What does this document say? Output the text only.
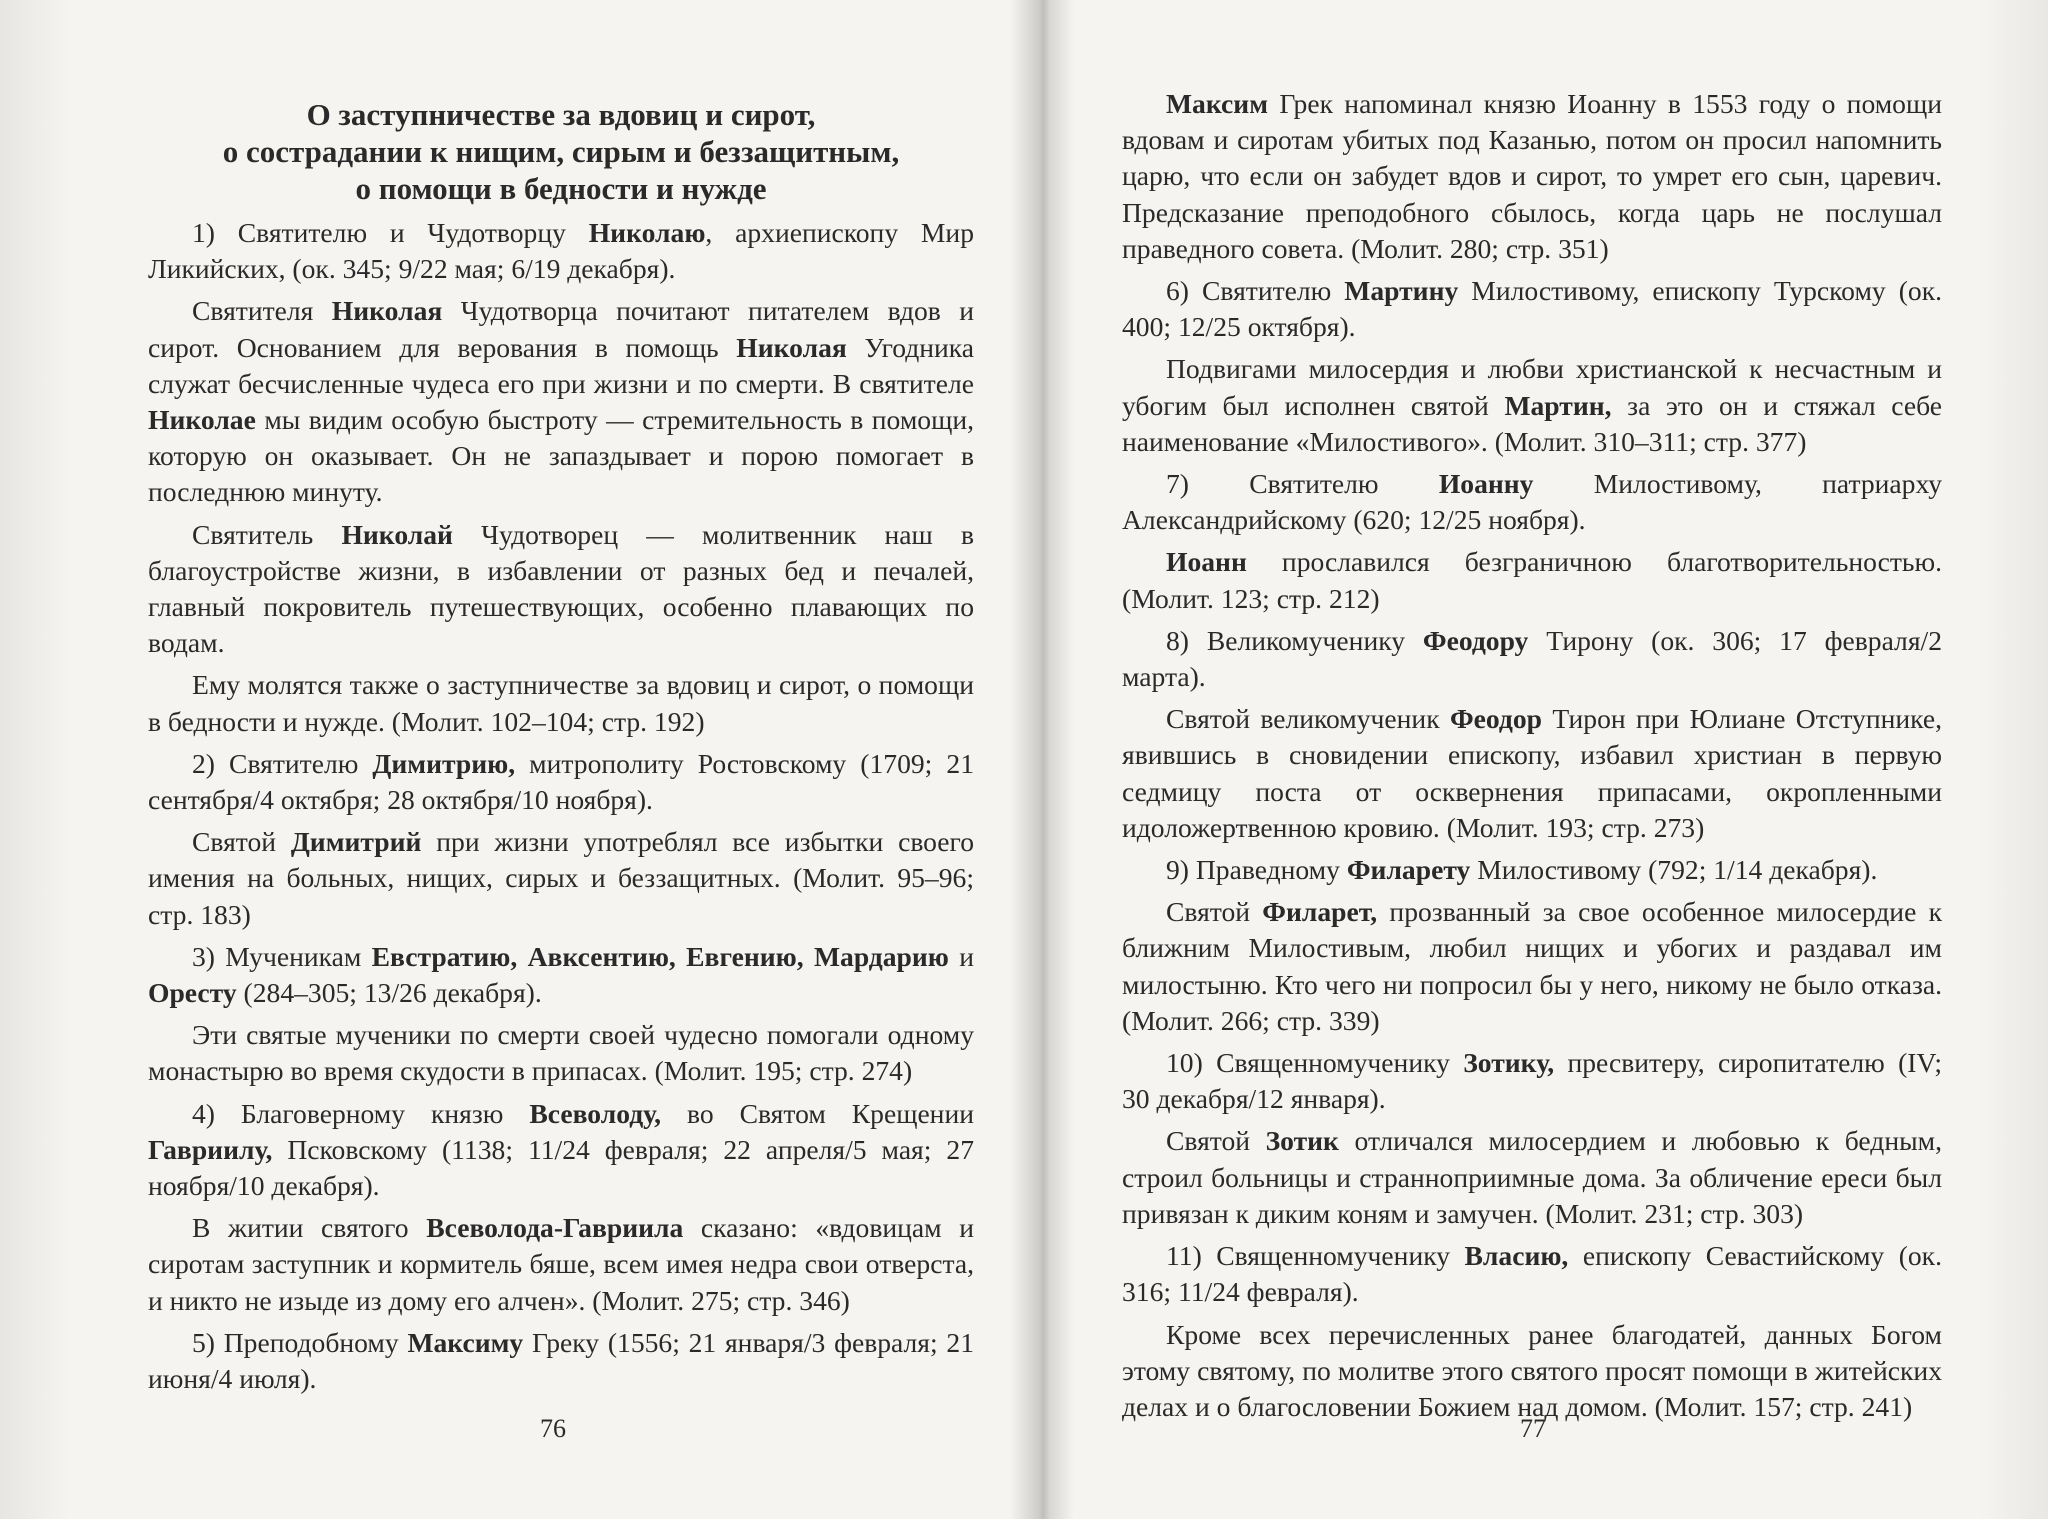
О заступничестве за вдовиц и сирот,
о сострадании к нищим, сирым и беззащитным,
о помощи в бедности и нужде

1) Святителю и Чудотворцу Николаю, архиепископу Мир Ликийских, (ок. 345; 9/22 мая; 6/19 декабря).

Святителя Николая Чудотворца почитают питателем вдов и сирот. Основанием для верования в помощь Николая Угодника служат бесчисленные чудеса его при жизни и по смерти. В святителе Николае мы видим особую быстроту — стремительность в помощи, которую он оказывает. Он не запаздывает и порою помогает в последнюю минуту.

Святитель Николай Чудотворец — молитвенник наш в благоустройстве жизни, в избавлении от разных бед и печалей, главный покровитель путешествующих, особенно плавающих по водам.

Ему молятся также о заступничестве за вдовиц и сирот, о помощи в бедности и нужде. (Молит. 102–104; стр. 192)

2) Святителю Димитрию, митрополиту Ростовскому (1709; 21 сентября/4 октября; 28 октября/10 ноября).

Святой Димитрий при жизни употреблял все избытки своего имения на больных, нищих, сирых и беззащитных. (Молит. 95–96; стр. 183)

3) Мученикам Евстратию, Авксентию, Евгению, Мардарию и Оресту (284–305; 13/26 декабря).

Эти святые мученики по смерти своей чудесно помогали одному монастырю во время скудости в припасах. (Молит. 195; стр. 274)

4) Благоверному князю Всеволоду, во Святом Крещении Гавриилу, Псковскому (1138; 11/24 февраля; 22 апреля/5 мая; 27 ноября/10 декабря).

В житии святого Всеволода-Гавриила сказано: «вдовицам и сиротам заступник и кормитель бяше, всем имея недра свои отверста, и никто не изыде из дому его алчен». (Молит. 275; стр. 346)

5) Преподобному Максиму Греку (1556; 21 января/3 февраля; 21 июня/4 июля).

76

Максим Грек напоминал князю Иоанну в 1553 году о помощи вдовам и сиротам убитых под Казанью, потом он просил напомнить царю, что если он забудет вдов и сирот, то умрет его сын, царевич. Предсказание преподобного сбылось, когда царь не послушал праведного совета. (Молит. 280; стр. 351)

6) Святителю Мартину Милостивому, епископу Турскому (ок. 400; 12/25 октября).

Подвигами милосердия и любви христианской к несчастным и убогим был исполнен святой Мартин, за это он и стяжал себе наименование «Милостивого». (Молит. 310–311; стр. 377)

7) Святителю Иоанну Милостивому, патриарху Александрийскому (620; 12/25 ноября).

Иоанн прославился безграничною благотворительностью. (Молит. 123; стр. 212)

8) Великомученику Феодору Тирону (ок. 306; 17 февраля/2 марта).

Святой великомученик Феодор Тирон при Юлиане Отступнике, явившись в сновидении епископу, избавил христиан в первую седмицу поста от осквернения припасами, окропленными идоложертвенною кровию. (Молит. 193; стр. 273)

9) Праведному Филарету Милостивому (792; 1/14 декабря).

Святой Филарет, прозванный за свое особенное милосердие к ближним Милостивым, любил нищих и убогих и раздавал им милостыню. Кто чего ни попросил бы у него, никому не было отказа. (Молит. 266; стр. 339)

10) Священномученику Зотику, пресвитеру, сиропитателю (IV; 30 декабря/12 января).

Святой Зотик отличался милосердием и любовью к бедным, строил больницы и странноприимные дома. За обличение ереси был привязан к диким коням и замучен. (Молит. 231; стр. 303)

11) Священномученику Власию, епископу Севастийскому (ок. 316; 11/24 февраля).

Кроме всех перечисленных ранее благодатей, данных Богом этому святому, по молитве этого святого просят помощи в житейских делах и о благословении Божием над домом. (Молит. 157; стр. 241)

77
